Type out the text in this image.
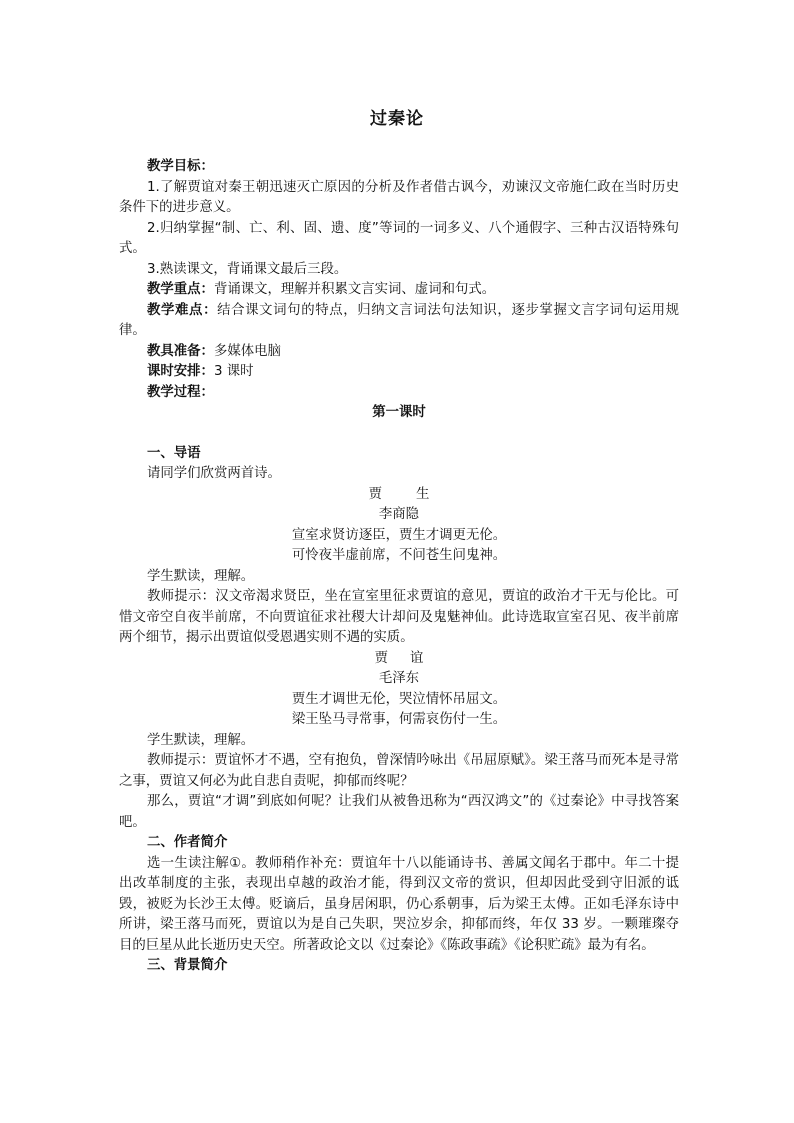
过秦论

教学目标：

1.了解贾谊对秦王朝迅速灭亡原因的分析及作者借古讽今，劝谏汉文帝施仁政在当时历史条件下的进步意义。

2.归纳掌握“制、亡、利、固、遗、度”等词的一词多义、八个通假字、三种古汉语特殊句式。

3.熟读课文，背诵课文最后三段。

教学重点：背诵课文，理解并积累文言实词、虚词和句式。

教学难点：结合课文词句的特点，归纳文言词法句法知识，逐步掌握文言字词句运用规律。

教具准备：多媒体电脑

课时安排：3 课时

教学过程：

第一课时

一、导语

请同学们欣赏两首诗。

贾	生

李商隐

宣室求贤访逐臣，贾生才调更无伦。

可怜夜半虚前席，不问苍生问鬼神。

学生默读，理解。

教师提示：汉文帝渴求贤臣，坐在宣室里征求贾谊的意见，贾谊的政治才干无与伦比。可惜文帝空自夜半前席，不向贾谊征求社稷大计却问及鬼魅神仙。此诗选取宣室召见、夜半前席两个细节，揭示出贾谊似受恩遇实则不遇的实质。

贾 谊

毛泽东

贾生才调世无伦，哭泣情怀吊屈文。

梁王坠马寻常事，何需哀伤付一生。

学生默读，理解。

教师提示：贾谊怀才不遇，空有抱负，曾深情吟咏出《吊屈原赋》。梁王落马而死本是寻常之事，贾谊又何必为此自悲自责呢，抑郁而终呢？

那么，贾谊“才调”到底如何呢？让我们从被鲁迅称为“西汉鸿文”的《过秦论》中寻找答案吧。

二、作者简介

选一生读注解①。教师稍作补充：贾谊年十八以能诵诗书、善属文闻名于郡中。年二十提出改革制度的主张，表现出卓越的政治才能，得到汉文帝的赏识，但却因此受到守旧派的诋毁，被贬为长沙王太傅。贬谪后，虽身居闲职，仍心系朝事，后为梁王太傅。正如毛泽东诗中所讲，梁王落马而死，贾谊以为是自己失职，哭泣岁余，抑郁而终，年仅 33 岁。一颗璀璨夺目的巨星从此长逝历史天空。所著政论文以《过秦论》《陈政事疏》《论积贮疏》最为有名。

三、背景简介
